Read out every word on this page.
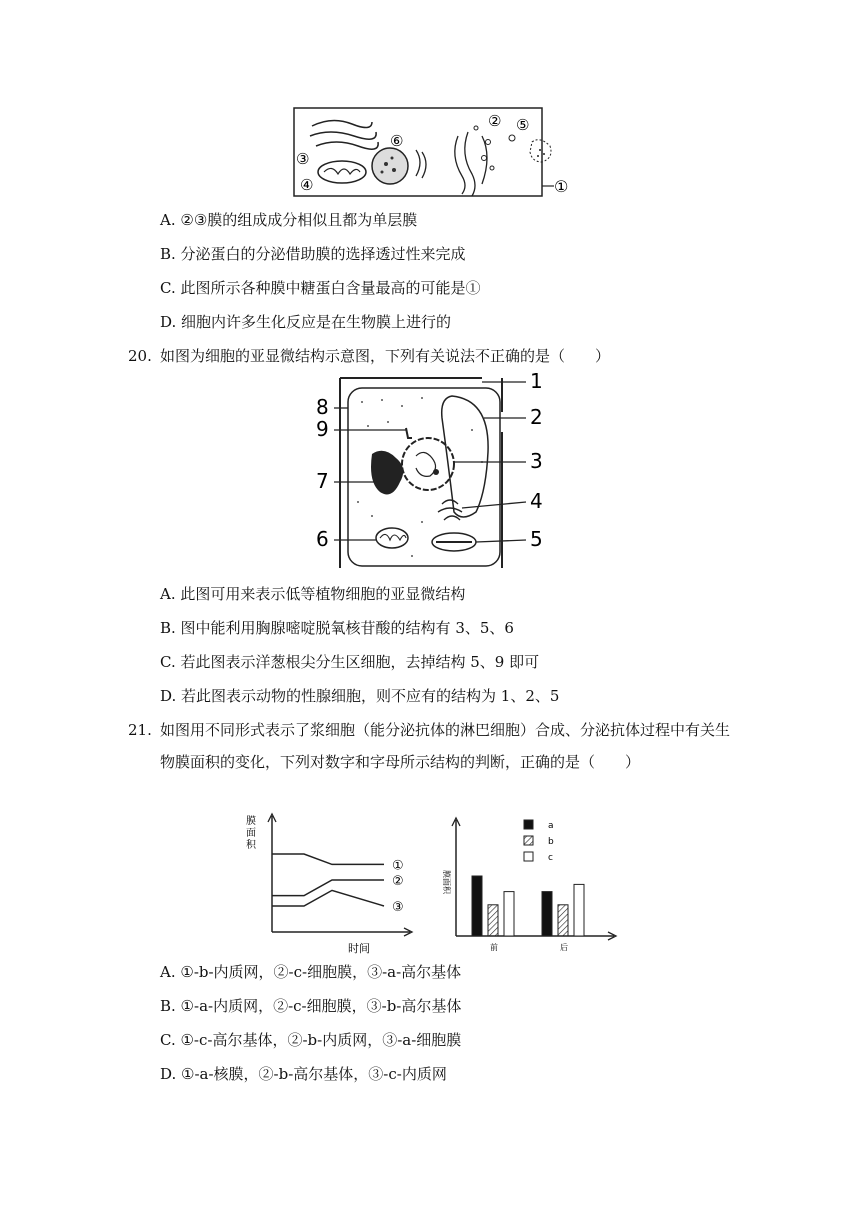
①
②
③
④
⑤
⑥
A. ②③膜的组成成分相似且都为单层膜
B. 分泌蛋白的分泌借助膜的选择透过性来完成
C. 此图所示各种膜中糖蛋白含量最高的可能是①
D. 细胞内许多生化反应是在生物膜上进行的
20. 如图为细胞的亚显微结构示意图，下列有关说法不正确的是（　　）
1
2
3
4
5
6
7
8
9
A. 此图可用来表示低等植物细胞的亚显微结构
B. 图中能利用胸腺嘧啶脱氧核苷酸的结构有 3、5、6
C. 若此图表示洋葱根尖分生区细胞，去掉结构 5、9 即可
D. 若此图表示动物的性腺细胞，则不应有的结构为 1、2、5
21. 如图用不同形式表示了浆细胞（能分泌抗体的淋巴细胞）合成、分泌抗体过程中有关生
物膜面积的变化，下列对数字和字母所示结构的判断，正确的是（　　）
膜面积
时间
①
②
③
膜面积
a
b
c
前	后
A. ①-b-内质网，②-c-细胞膜，③-a-高尔基体
B. ①-a-内质网，②-c-细胞膜，③-b-高尔基体
C. ①-c-高尔基体，②-b-内质网，③-a-细胞膜
D. ①-a-核膜，②-b-高尔基体，③-c-内质网
